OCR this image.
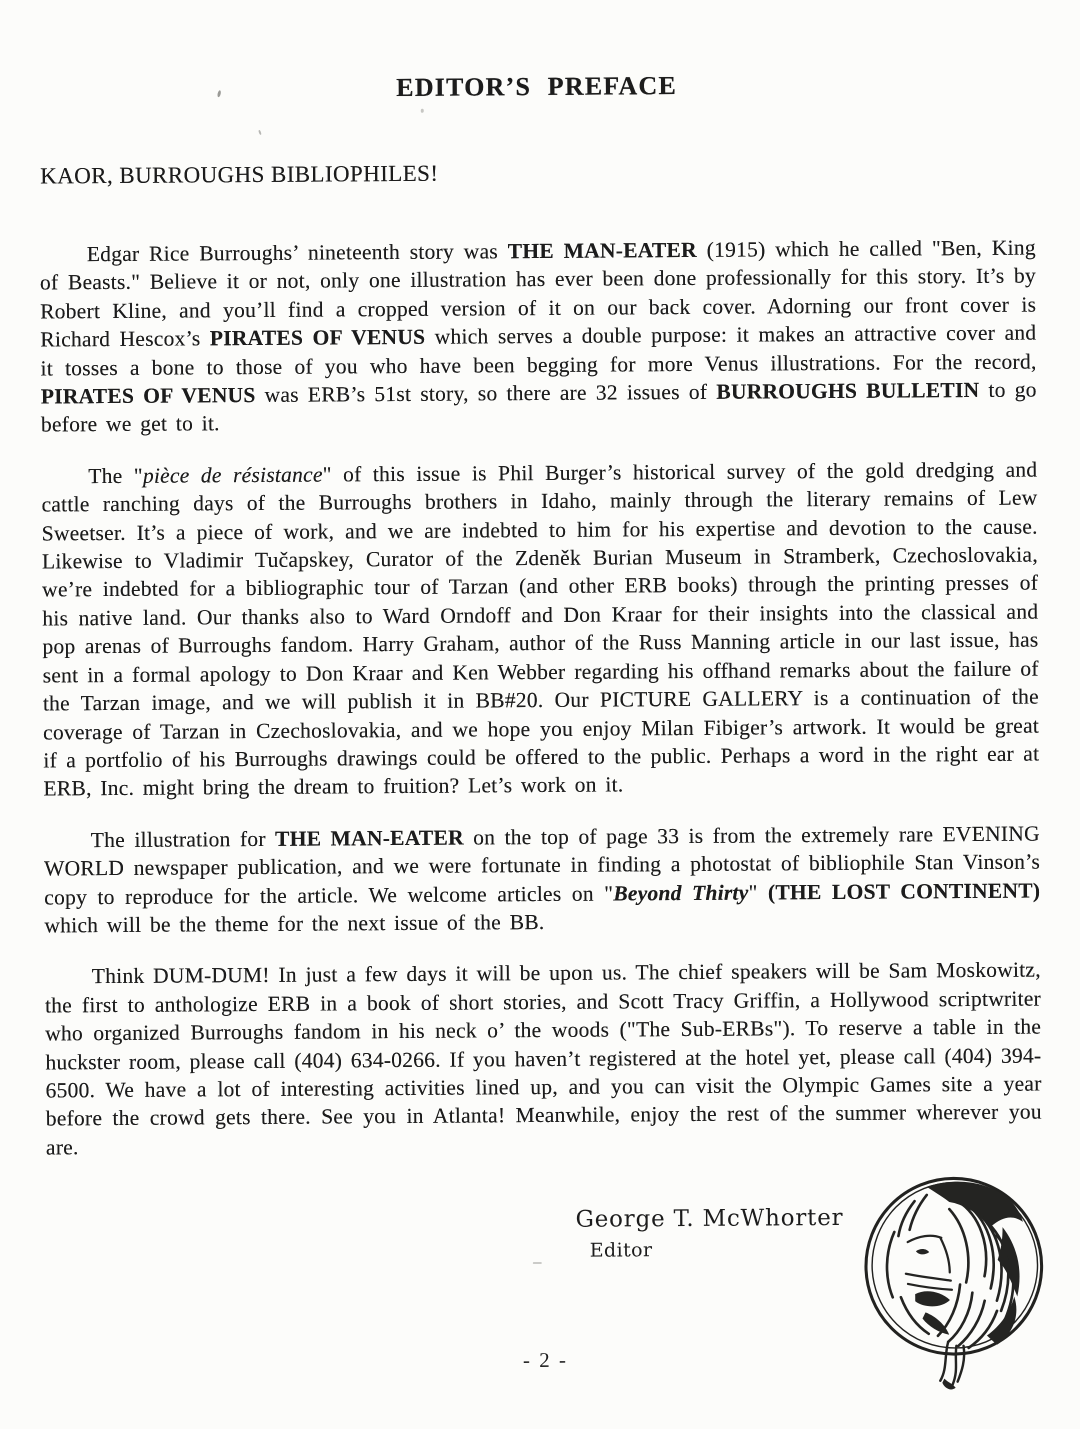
EDITOR’S PREFACE
KAOR, BURROUGHS BIBLIOPHILES!

Edgar Rice Burroughs’ nineteenth story was THE MAN-EATER (1915) which he called "Ben, King of Beasts." Believe it or not, only one illustration has ever been done professionally for this story. It’s by Robert Kline, and you’ll find a cropped version of it on our back cover. Adorning our front cover is Richard Hescox’s PIRATES OF VENUS which serves a double purpose: it makes an attractive cover and it tosses a bone to those of you who have been begging for more Venus illustrations. For the record, PIRATES OF VENUS was ERB’s 51st story, so there are 32 issues of BURROUGHS BULLETIN to go before we get to it.

The "pièce de résistance" of this issue is Phil Burger’s historical survey of the gold dredging and cattle ranching days of the Burroughs brothers in Idaho, mainly through the literary remains of Lew Sweetser. It’s a piece of work, and we are indebted to him for his expertise and devotion to the cause. Likewise to Vladimir Tučapskey, Curator of the Zdeněk Burian Museum in Stramberk, Czechoslovakia, we’re indebted for a bibliographic tour of Tarzan (and other ERB books) through the printing presses of his native land. Our thanks also to Ward Orndoff and Don Kraar for their insights into the classical and pop arenas of Burroughs fandom. Harry Graham, author of the Russ Manning article in our last issue, has sent in a formal apology to Don Kraar and Ken Webber regarding his offhand remarks about the failure of the Tarzan image, and we will publish it in BB#20. Our PICTURE GALLERY is a continuation of the coverage of Tarzan in Czechoslovakia, and we hope you enjoy Milan Fibiger’s artwork. It would be great if a portfolio of his Burroughs drawings could be offered to the public. Perhaps a word in the right ear at ERB, Inc. might bring the dream to fruition? Let’s work on it.

The illustration for THE MAN-EATER on the top of page 33 is from the extremely rare EVENING WORLD newspaper publication, and we were fortunate in finding a photostat of bibliophile Stan Vinson’s copy to reproduce for the article. We welcome articles on "Beyond Thirty" (THE LOST CONTINENT) which will be the theme for the next issue of the BB.

Think DUM-DUM! In just a few days it will be upon us. The chief speakers will be Sam Moskowitz, the first to anthologize ERB in a book of short stories, and Scott Tracy Griffin, a Hollywood scriptwriter who organized Burroughs fandom in his neck o’ the woods ("The Sub-ERBs"). To reserve a table in the huckster room, please call (404) 634-0266. If you haven’t registered at the hotel yet, please call (404) 394-6500. We have a lot of interesting activities lined up, and you can visit the Olympic Games site a year before the crowd gets there. See you in Atlanta! Meanwhile, enjoy the rest of the summer wherever you are.

George T. McWhorter
Editor
- 2 -
